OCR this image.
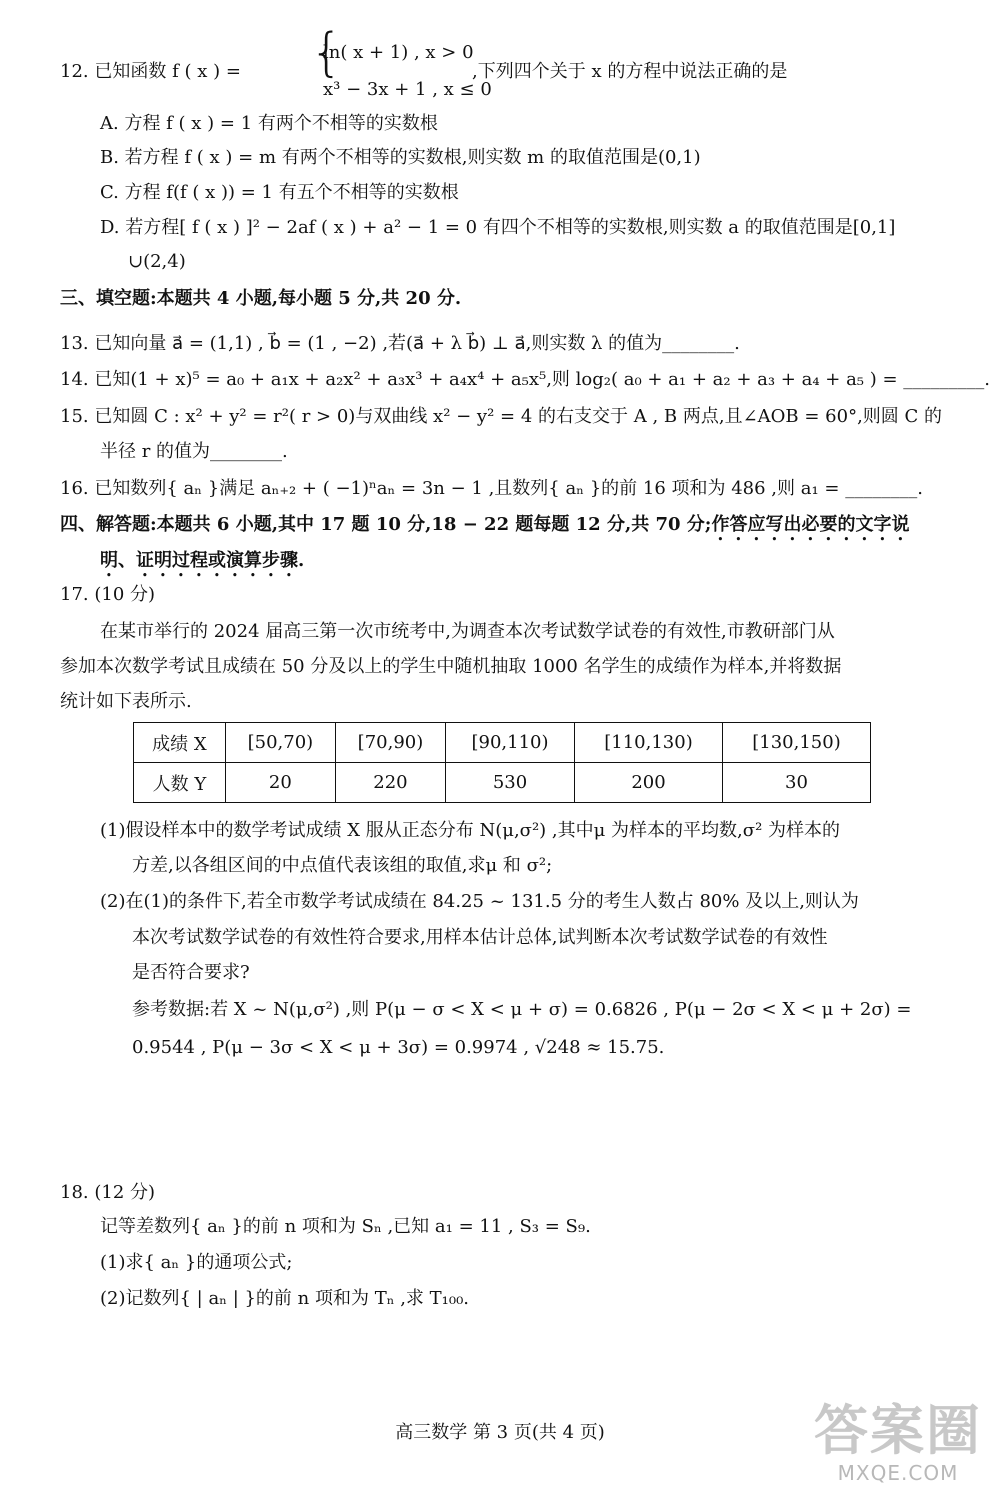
12. 已知函数 f ( x ) = {
ln( x + 1) , x > 0
x³ − 3x + 1 , x ≤ 0
,下列四个关于 x 的方程中说法正确的是
A. 方程 f ( x ) = 1 有两个不相等的实数根
B. 若方程 f ( x ) = m 有两个不相等的实数根,则实数 m 的取值范围是(0,1)
C. 方程 f(f ( x )) = 1 有五个不相等的实数根
D. 若方程[ f ( x ) ]² − 2af ( x ) + a² − 1 = 0 有四个不相等的实数根,则实数 a 的取值范围是[0,1]
∪(2,4)
三、填空题:本题共 4 小题,每小题 5 分,共 20 分.
13. 已知向量 a⃗ = (1,1) , b⃗ = (1 , −2) ,若(a⃗ + λ b⃗) ⊥ a⃗,则实数 λ 的值为________.
14. 已知(1 + x)⁵ = a₀ + a₁x + a₂x² + a₃x³ + a₄x⁴ + a₅x⁵,则 log₂( a₀ + a₁ + a₂ + a₃ + a₄ + a₅ ) = _________.
15. 已知圆 C : x² + y² = r²( r > 0)与双曲线 x² − y² = 4 的右支交于 A , B 两点,且∠AOB = 60°,则圆 C 的
半径 r 的值为________.
16. 已知数列{ aₙ }满足 aₙ₊₂ + ( −1)ⁿaₙ = 3n − 1 ,且数列{ aₙ }的前 16 项和为 486 ,则 a₁ = ________.
四、解答题:本题共 6 小题,其中 17 题 10 分,18 − 22 题每题 12 分,共 70 分;作答应写出必要的文字说
明、证明过程或演算步骤.
17. (10 分)
在某市举行的 2024 届高三第一次市统考中,为调查本次考试数学试卷的有效性,市教研部门从
参加本次数学考试且成绩在 50 分及以上的学生中随机抽取 1000 名学生的成绩作为样本,并将数据
统计如下表所示.
成绩 X	[50,70)	[70,90)	[90,110)	[110,130)	[130,150)
人数 Y	20	220	530	200	30
(1)假设样本中的数学考试成绩 X 服从正态分布 N(μ,σ²) ,其中μ 为样本的平均数,σ² 为样本的
方差,以各组区间的中点值代表该组的取值,求μ 和 σ²;
(2)在(1)的条件下,若全市数学考试成绩在 84.25 ~ 131.5 分的考生人数占 80% 及以上,则认为
本次考试数学试卷的有效性符合要求,用样本估计总体,试判断本次考试数学试卷的有效性
是否符合要求?
参考数据:若 X ~ N(μ,σ²) ,则 P(μ − σ < X < μ + σ) = 0.6826 , P(μ − 2σ < X < μ + 2σ) =
0.9544 , P(μ − 3σ < X < μ + 3σ) = 0.9974 , √248 ≈ 15.75.
18. (12 分)
记等差数列{ aₙ }的前 n 项和为 Sₙ ,已知 a₁ = 11 , S₃ = S₉.
(1)求{ aₙ }的通项公式;
(2)记数列{ | aₙ | }的前 n 项和为 Tₙ ,求 T₁₀₀.
高三数学 第 3 页(共 4 页)	答案圈
MXQE.COM
